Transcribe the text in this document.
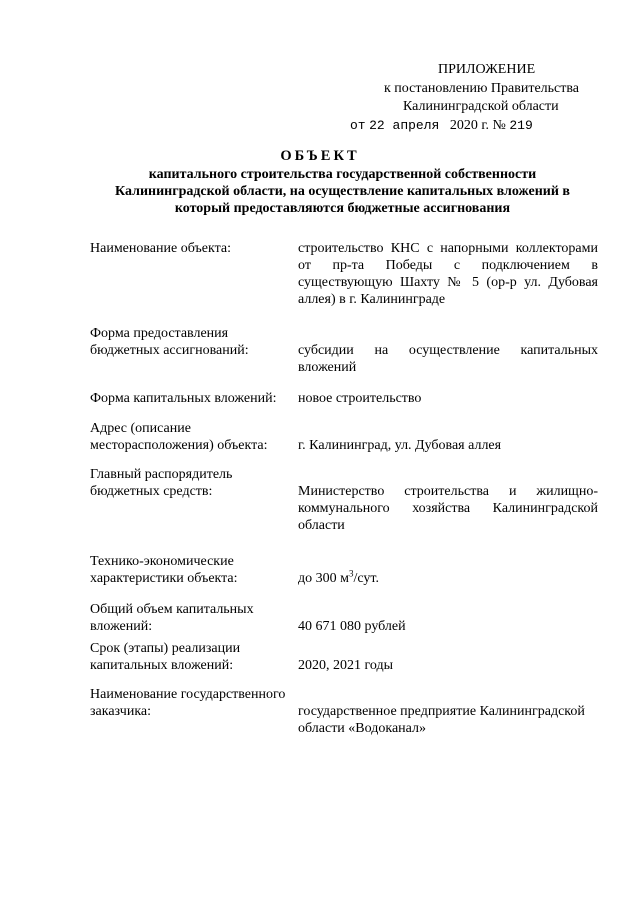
ПРИЛОЖЕНИЕ
к постановлению Правительства
Калининградской области
от 22 апреля 2020 г. № 219
ОБЪЕКТ
капитального строительства государственной собственности Калининградской области, на осуществление капитальных вложений в который предоставляются бюджетные ассигнования
Наименование объекта:	строительство КНС с напорными коллекторами от пр-та Победы с подключением в существующую Шахту № 5 (ор-р ул. Дубовая аллея) в г. Калининграде
Форма предоставления
бюджетных ассигнований:	субсидии на осуществление капитальных вложений
Форма капитальных вложений:	новое строительство
Адрес (описание
месторасположения) объекта:	г. Калининград, ул. Дубовая аллея
Главный распорядитель
бюджетных средств:	Министерство строительства и жилищно-коммунального хозяйства Калининградской области
Технико-экономические
характеристики объекта:	до 300 $м^3$/сут.
Общий объем капитальных
вложений:	40 671 080 рублей
Срок (этапы) реализации
капитальных вложений:	2020, 2021 годы
Наименование государственного
заказчика:	государственное предприятие Калининградской области «Водоканал»
